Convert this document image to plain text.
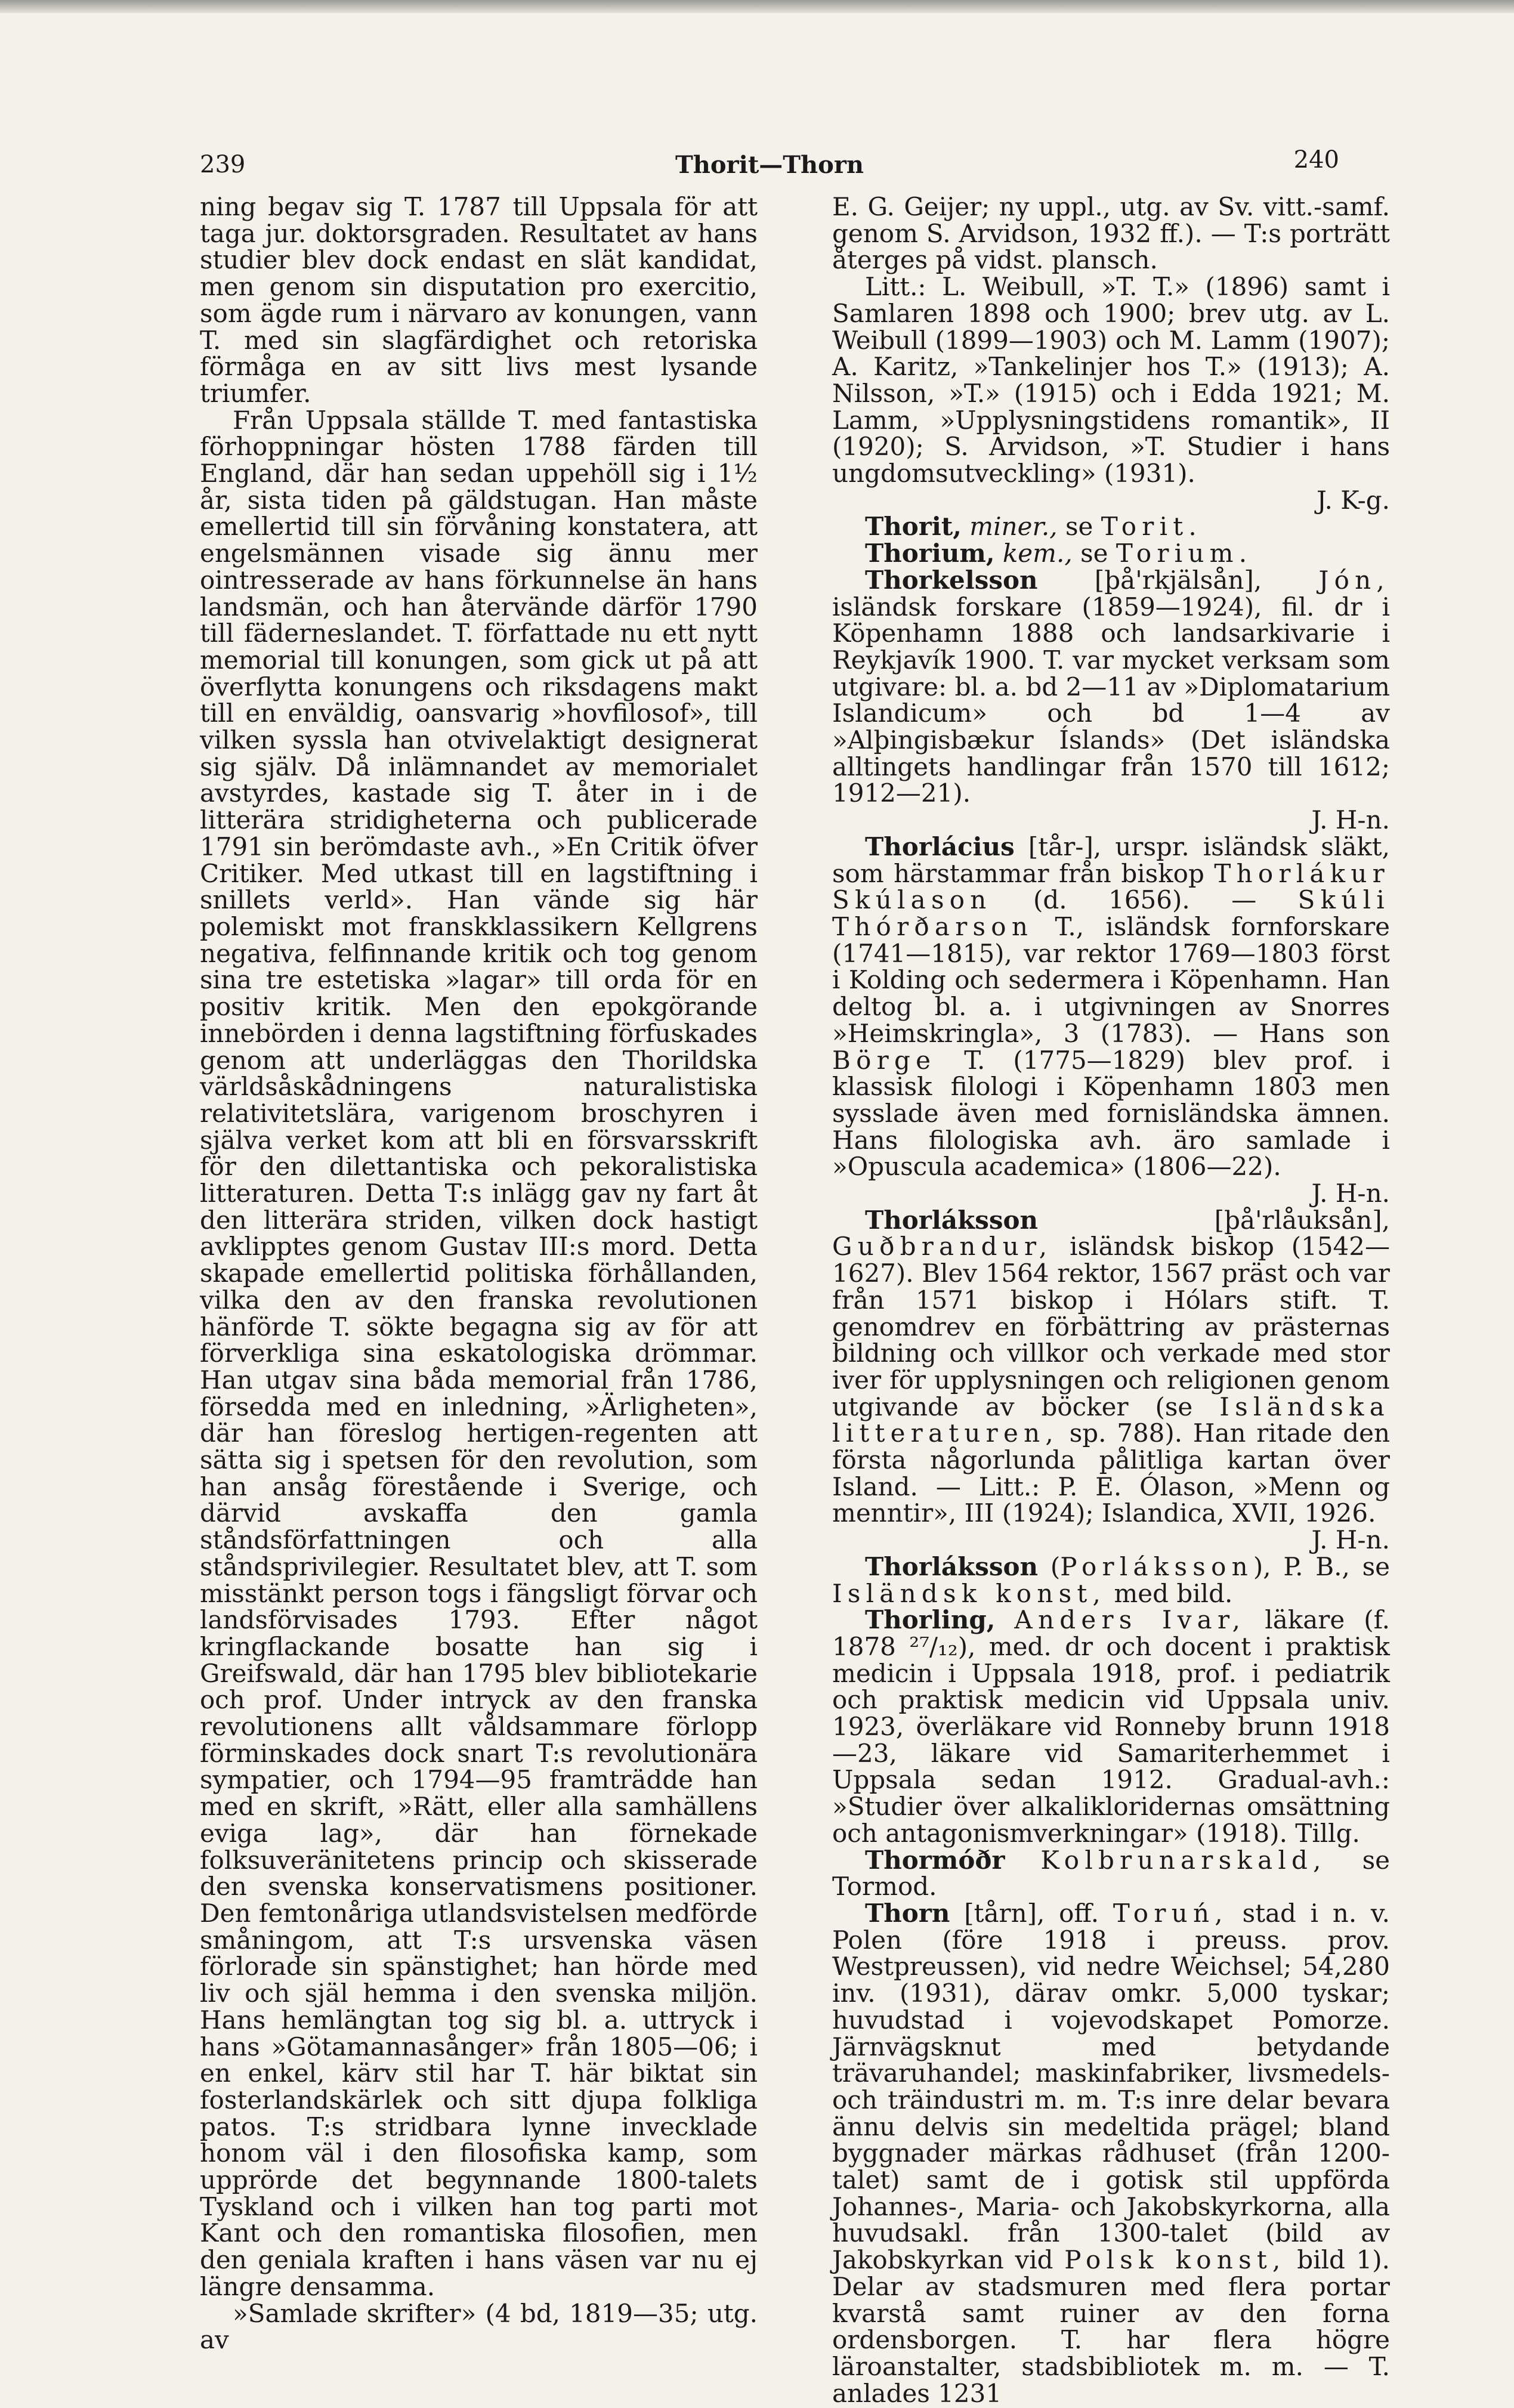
239	Thorit—Thorn	240

ning begav sig T. 1787 till Uppsala för att taga jur. doktorsgraden. Resultatet av hans studier blev dock endast en slät kandidat, men genom sin disputation pro exercitio, som ägde rum i närvaro av konungen, vann T. med sin slagfärdighet och retoriska förmåga en av sitt livs mest lysande triumfer.

Från Uppsala ställde T. med fantastiska förhoppningar hösten 1788 färden till England, där han sedan uppehöll sig i 1½ år, sista tiden på gäldstugan. Han måste emellertid till sin förvåning konstatera, att engelsmännen visade sig ännu mer ointresserade av hans förkunnelse än hans landsmän, och han återvände därför 1790 till fäderneslandet. T. författade nu ett nytt memorial till konungen, som gick ut på att överflytta konungens och riksdagens makt till en enväldig, oansvarig »hovfilosof», till vilken syssla han otvivelaktigt designerat sig själv. Då inlämnandet av memorialet avstyrdes, kastade sig T. åter in i de litterära stridigheterna och publicerade 1791 sin berömdaste avh., »En Critik öfver Critiker. Med utkast till en lagstiftning i snillets verld». Han vände sig här polemiskt mot franskklassikern Kellgrens negativa, felfinnande kritik och tog genom sina tre estetiska »lagar» till orda för en positiv kritik. Men den epokgörande innebörden i denna lagstiftning förfuskades genom att underläggas den Thorildska världsåskådningens naturalistiska relativitetslära, varigenom broschyren i själva verket kom att bli en försvarsskrift för den dilettantiska och pekoralistiska litteraturen. Detta T:s inlägg gav ny fart åt den litterära striden, vilken dock hastigt avklipptes genom Gustav III:s mord. Detta skapade emellertid politiska förhållanden, vilka den av den franska revolutionen hänförde T. sökte begagna sig av för att förverkliga sina eskatologiska drömmar. Han utgav sina båda memorial från 1786, försedda med en inledning, »Ärligheten», där han föreslog hertigen-regenten att sätta sig i spetsen för den revolution, som han ansåg förestående i Sverige, och därvid avskaffa den gamla ståndsförfattningen och alla ståndsprivilegier. Resultatet blev, att T. som misstänkt person togs i fängsligt förvar och landsförvisades 1793. Efter något kringflackande bosatte han sig i Greifswald, där han 1795 blev bibliotekarie och prof. Under intryck av den franska revolutionens allt våldsammare förlopp förminskades dock snart T:s revolutionära sympatier, och 1794—95 framträdde han med en skrift, »Rätt, eller alla samhällens eviga lag», där han förnekade folksuveränitetens princip och skisserade den svenska konservatismens positioner. Den femtonåriga utlandsvistelsen medförde småningom, att T:s ursvenska väsen förlorade sin spänstighet; han hörde med liv och själ hemma i den svenska miljön. Hans hemlängtan tog sig bl. a. uttryck i hans »Götamannasånger» från 1805—06; i en enkel, kärv stil har T. här biktat sin fosterlandskärlek och sitt djupa folkliga patos. T:s stridbara lynne invecklade honom väl i den filosofiska kamp, som upprörde det begynnande 1800-talets Tyskland och i vilken han tog parti mot Kant och den romantiska filosofien, men den geniala kraften i hans väsen var nu ej längre densamma.

»Samlade skrifter» (4 bd, 1819—35; utg. av

E. G. Geijer; ny uppl., utg. av Sv. vitt.-samf. genom S. Arvidson, 1932 ff.). — T:s porträtt återges på vidst. plansch.

Litt.: L. Weibull, »T. T.» (1896) samt i Samlaren 1898 och 1900; brev utg. av L. Weibull (1899—1903) och M. Lamm (1907); A. Karitz, »Tankelinjer hos T.» (1913); A. Nilsson, »T.» (1915) och i Edda 1921; M. Lamm, »Upplysningstidens romantik», II (1920); S. Arvidson, »T. Studier i hans ungdomsutveckling» (1931).
J. K-g.

Thorit, miner., se Torit.

Thorium, kem., se Torium.

Thorkelsson [þå'rkjälsån], Jón, isländsk forskare (1859—1924), fil. dr i Köpenhamn 1888 och landsarkivarie i Reykjavík 1900. T. var mycket verksam som utgivare: bl. a. bd 2—11 av »Diplomatarium Islandicum» och bd 1—4 av »Alþingisbækur Íslands» (Det isländska alltingets handlingar från 1570 till 1612; 1912—21).
J. H-n.

Thorlácius [tår-], urspr. isländsk släkt, som härstammar från biskop Thorlákur Skúlason (d. 1656). — Skúli Thórðarson T., isländsk fornforskare (1741—1815), var rektor 1769—1803 först i Kolding och sedermera i Köpenhamn. Han deltog bl. a. i utgivningen av Snorres »Heimskringla», 3 (1783). — Hans son Börge T. (1775—1829) blev prof. i klassisk filologi i Köpenhamn 1803 men sysslade även med fornisländska ämnen. Hans filologiska avh. äro samlade i »Opuscula academica» (1806—22).
J. H-n.

Thorláksson	[þå'rlåuksån], Guðbrandur, isländsk biskop (1542—1627). Blev 1564 rektor, 1567 präst och var från 1571 biskop i Hólars stift. T. genomdrev en förbättring av prästernas bildning och villkor och verkade med stor iver för upplysningen och religionen genom utgivande av böcker (se Isländska litteraturen, sp. 788). Han ritade den första någorlunda pålitliga kartan över Island. — Litt.: P. E. Ólason, »Menn og menntir», III (1924); Islandica, XVII, 1926.
J. H-n.

Thorláksson (Porláksson), P. B., se Isländsk konst, med bild.

Thorling, Anders Ivar, läkare (f. 1878 ²⁷/₁₂), med. dr och docent i praktisk medicin i Uppsala 1918, prof. i pediatrik och praktisk medicin vid Uppsala univ. 1923, överläkare vid Ronneby brunn 1918—23, läkare vid Samariterhemmet i Uppsala sedan 1912. Gradual-avh.: »Studier över alkalikloridernas omsättning och antagonismverkningar» (1918). Tillg.

Thormóðr Kolbrunarskald, se Tormod.

Thorn [tårn], off. Toruń, stad i n. v. Polen (före 1918 i preuss. prov. Westpreussen), vid nedre Weichsel; 54,280 inv. (1931), därav omkr. 5,000 tyskar; huvudstad i vojevodskapet Pomorze. Järnvägsknut med betydande trävaruhandel; maskinfabriker, livsmedels- och träindustri m. m. T:s inre delar bevara ännu delvis sin medeltida prägel; bland byggnader märkas rådhuset (från 1200-talet) samt de i gotisk stil uppförda Johannes-, Maria- och Jakobskyrkorna, alla huvudsakl. från 1300-talet (bild av Jakobskyrkan vid Polsk konst, bild 1). Delar av stadsmuren med flera portar kvarstå samt ruiner av den forna ordensborgen. T. har flera högre läroanstalter, stadsbibliotek m. m. — T. anlades 1231
